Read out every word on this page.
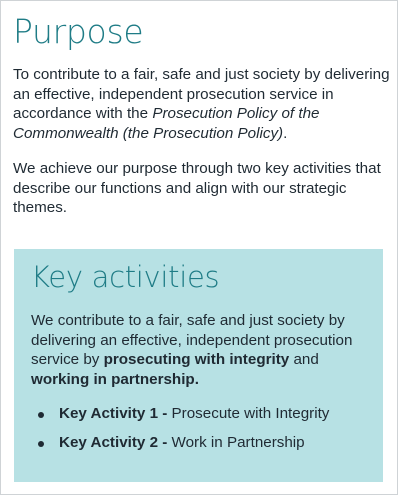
Purpose

To contribute to a fair, safe and just society by delivering an effective, independent prosecution service in accordance with the Prosecution Policy of the Commonwealth (the Prosecution Policy).

We achieve our purpose through two key activities that describe our functions and align with our strategic themes.

Key activities

We contribute to a fair, safe and just society by delivering an effective, independent prosecution service by prosecuting with integrity and working in partnership.

Key Activity 1 - Prosecute with Integrity
Key Activity 2 - Work in Partnership
